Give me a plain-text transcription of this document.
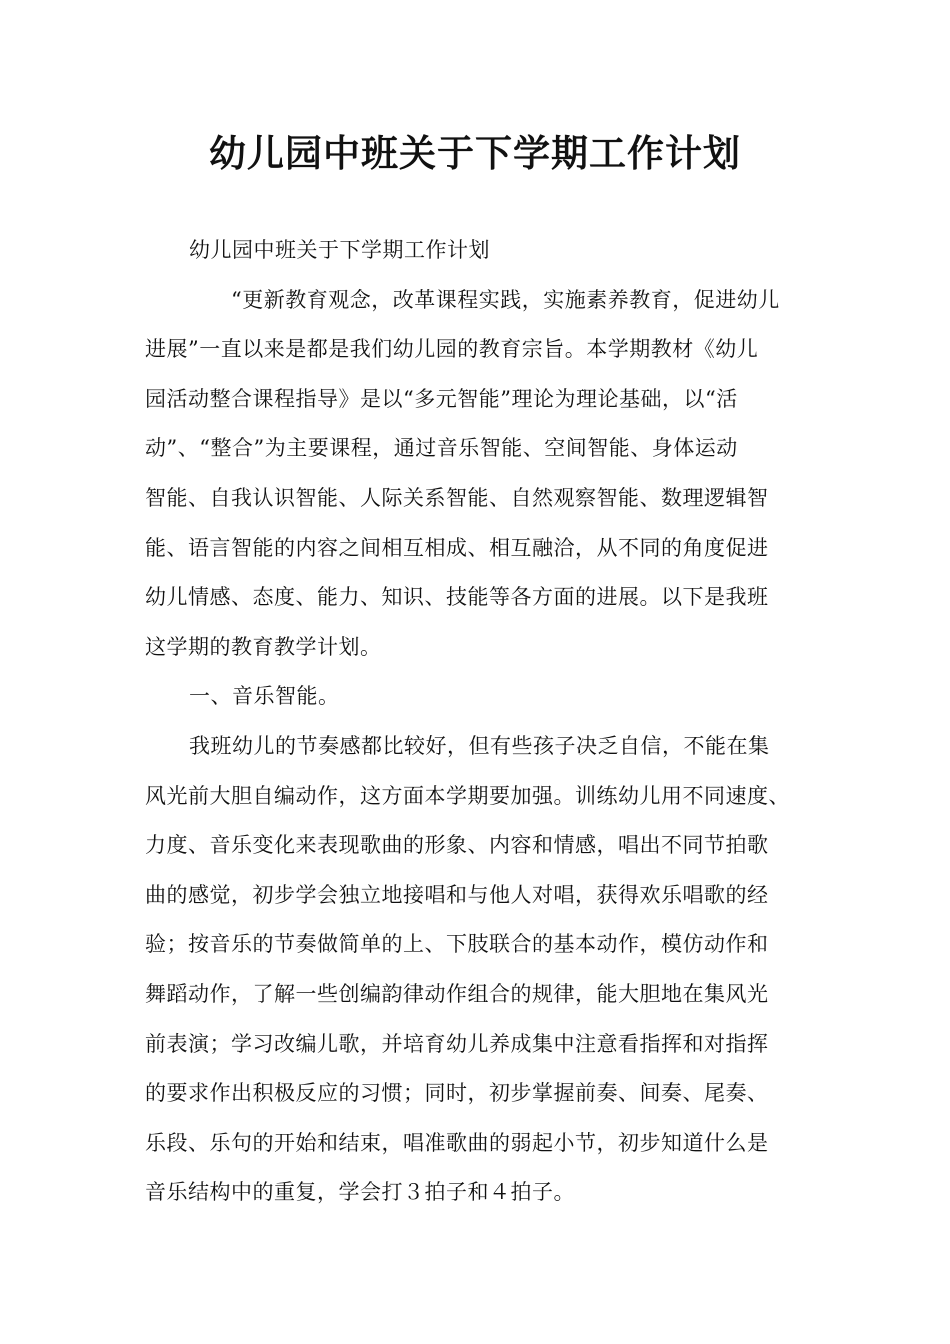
幼儿园中班关于下学期工作计划

幼儿园中班关于下学期工作计划

“更新教育观念，改革课程实践，实施素养教育，促进幼儿

进展”一直以来是都是我们幼儿园的教育宗旨。本学期教材《幼儿

园活动整合课程指导》是以“多元智能”理论为理论基础，以“活

动”、“整合”为主要课程，通过音乐智能、空间智能、身体运动

智能、自我认识智能、人际关系智能、自然观察智能、数理逻辑智

能、语言智能的内容之间相互相成、相互融洽，从不同的角度促进

幼儿情感、态度、能力、知识、技能等各方面的进展。以下是我班

这学期的教育教学计划。

一、音乐智能。

我班幼儿的节奏感都比较好，但有些孩子决乏自信，不能在集

风光前大胆自编动作，这方面本学期要加强。训练幼儿用不同速度、

力度、音乐变化来表现歌曲的形象、内容和情感，唱出不同节拍歌

曲的感觉，初步学会独立地接唱和与他人对唱，获得欢乐唱歌的经

验；按音乐的节奏做简单的上、下肢联合的基本动作，模仿动作和

舞蹈动作，了解一些创编韵律动作组合的规律，能大胆地在集风光

前表演；学习改编儿歌，并培育幼儿养成集中注意看指挥和对指挥

的要求作出积极反应的习惯；同时，初步掌握前奏、间奏、尾奏、

乐段、乐句的开始和结束，唱准歌曲的弱起小节，初步知道什么是

音乐结构中的重复，学会打３拍子和４拍子。
